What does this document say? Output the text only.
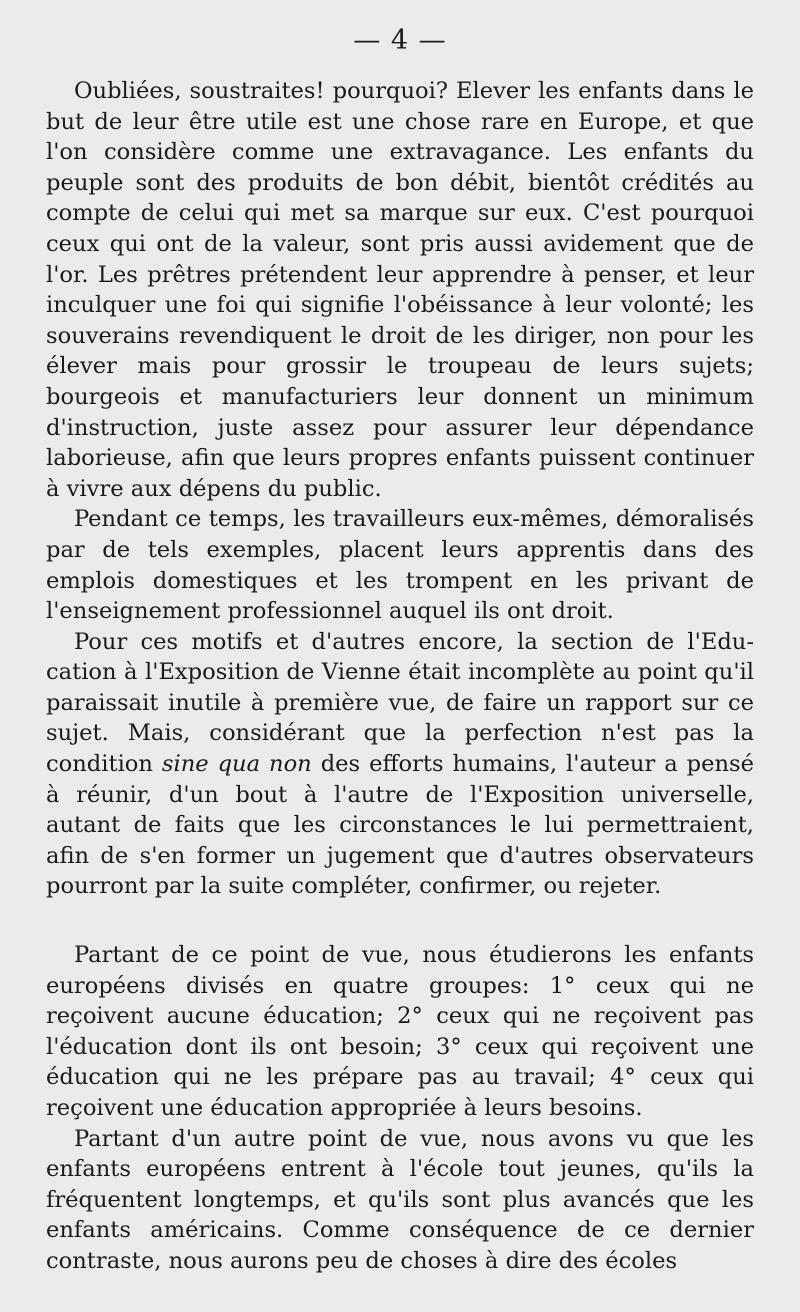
— 4 —

Oubliées, soustraites! pourquoi? Elever les enfants dans le but de leur être utile est une chose rare en Europe, et que l'on considère comme une extravagance. Les enfants du peuple sont des produits de bon débit, bientôt crédités au compte de celui qui met sa marque sur eux. C'est pourquoi ceux qui ont de la valeur, sont pris aussi avidement que de l'or. Les prêtres prétendent leur apprendre à penser, et leur inculquer une foi qui signifie l'obéissance à leur volonté; les souverains revendiquent le droit de les diriger, non pour les élever mais pour grossir le troupeau de leurs sujets; bourgeois et manufacturiers leur donnent un minimum d'instruction, juste assez pour assurer leur dépendance laborieuse, afin que leurs propres enfants puissent continuer à vivre aux dépens du public.

Pendant ce temps, les travailleurs eux-mêmes, démoralisés par de tels exemples, placent leurs apprentis dans des emplois domestiques et les trompent en les privant de l'enseignement professionnel auquel ils ont droit.

Pour ces motifs et d'autres encore, la section de l'Education à l'Exposition de Vienne était incomplète au point qu'il paraissait inutile à première vue, de faire un rapport sur ce sujet. Mais, considérant que la perfection n'est pas la condition sine qua non des efforts humains, l'auteur a pensé à réunir, d'un bout à l'autre de l'Exposition universelle, autant de faits que les circonstances le lui permettraient, afin de s'en former un jugement que d'autres observateurs pourront par la suite compléter, confirmer, ou rejeter.

Partant de ce point de vue, nous étudierons les enfants européens divisés en quatre groupes: 1° ceux qui ne reçoivent aucune éducation; 2° ceux qui ne reçoivent pas l'éducation dont ils ont besoin; 3° ceux qui reçoivent une éducation qui ne les prépare pas au travail; 4° ceux qui reçoivent une éducation appropriée à leurs besoins.

Partant d'un autre point de vue, nous avons vu que les enfants européens entrent à l'école tout jeunes, qu'ils la fréquentent longtemps, et qu'ils sont plus avancés que les enfants américains. Comme conséquence de ce dernier contraste, nous aurons peu de choses à dire des écoles
